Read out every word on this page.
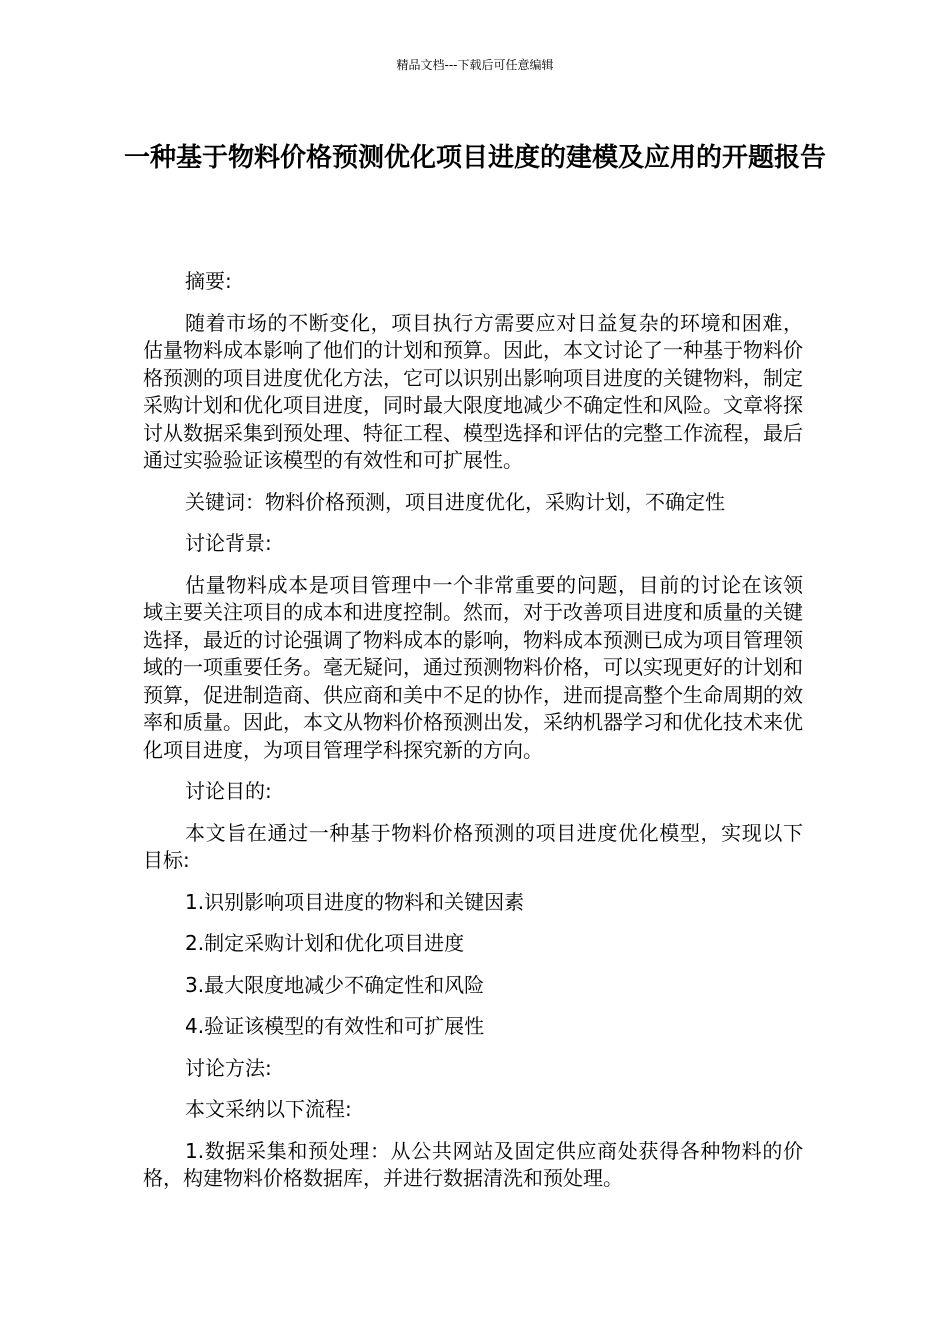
精品文档---下载后可任意编辑
一种基于物料价格预测优化项目进度的建模及应用的开题报告

摘要:

随着市场的不断变化，项目执行方需要应对日益复杂的环境和困难，估量物料成本影响了他们的计划和预算。因此，本文讨论了一种基于物料价格预测的项目进度优化方法，它可以识别出影响项目进度的关键物料，制定采购计划和优化项目进度，同时最大限度地减少不确定性和风险。文章将探讨从数据采集到预处理、特征工程、模型选择和评估的完整工作流程，最后通过实验验证该模型的有效性和可扩展性。

关键词：物料价格预测，项目进度优化，采购计划，不确定性

讨论背景:

估量物料成本是项目管理中一个非常重要的问题，目前的讨论在该领域主要关注项目的成本和进度控制。然而，对于改善项目进度和质量的关键选择，最近的讨论强调了物料成本的影响，物料成本预测已成为项目管理领域的一项重要任务。毫无疑问，通过预测物料价格，可以实现更好的计划和预算，促进制造商、供应商和美中不足的协作，进而提高整个生命周期的效率和质量。因此，本文从物料价格预测出发，采纳机器学习和优化技术来优化项目进度，为项目管理学科探究新的方向。

讨论目的:

本文旨在通过一种基于物料价格预测的项目进度优化模型，实现以下目标:

1.识别影响项目进度的物料和关键因素

2.制定采购计划和优化项目进度

3.最大限度地减少不确定性和风险

4.验证该模型的有效性和可扩展性

讨论方法:

本文采纳以下流程:

1.数据采集和预处理：从公共网站及固定供应商处获得各种物料的价格，构建物料价格数据库，并进行数据清洗和预处理。
